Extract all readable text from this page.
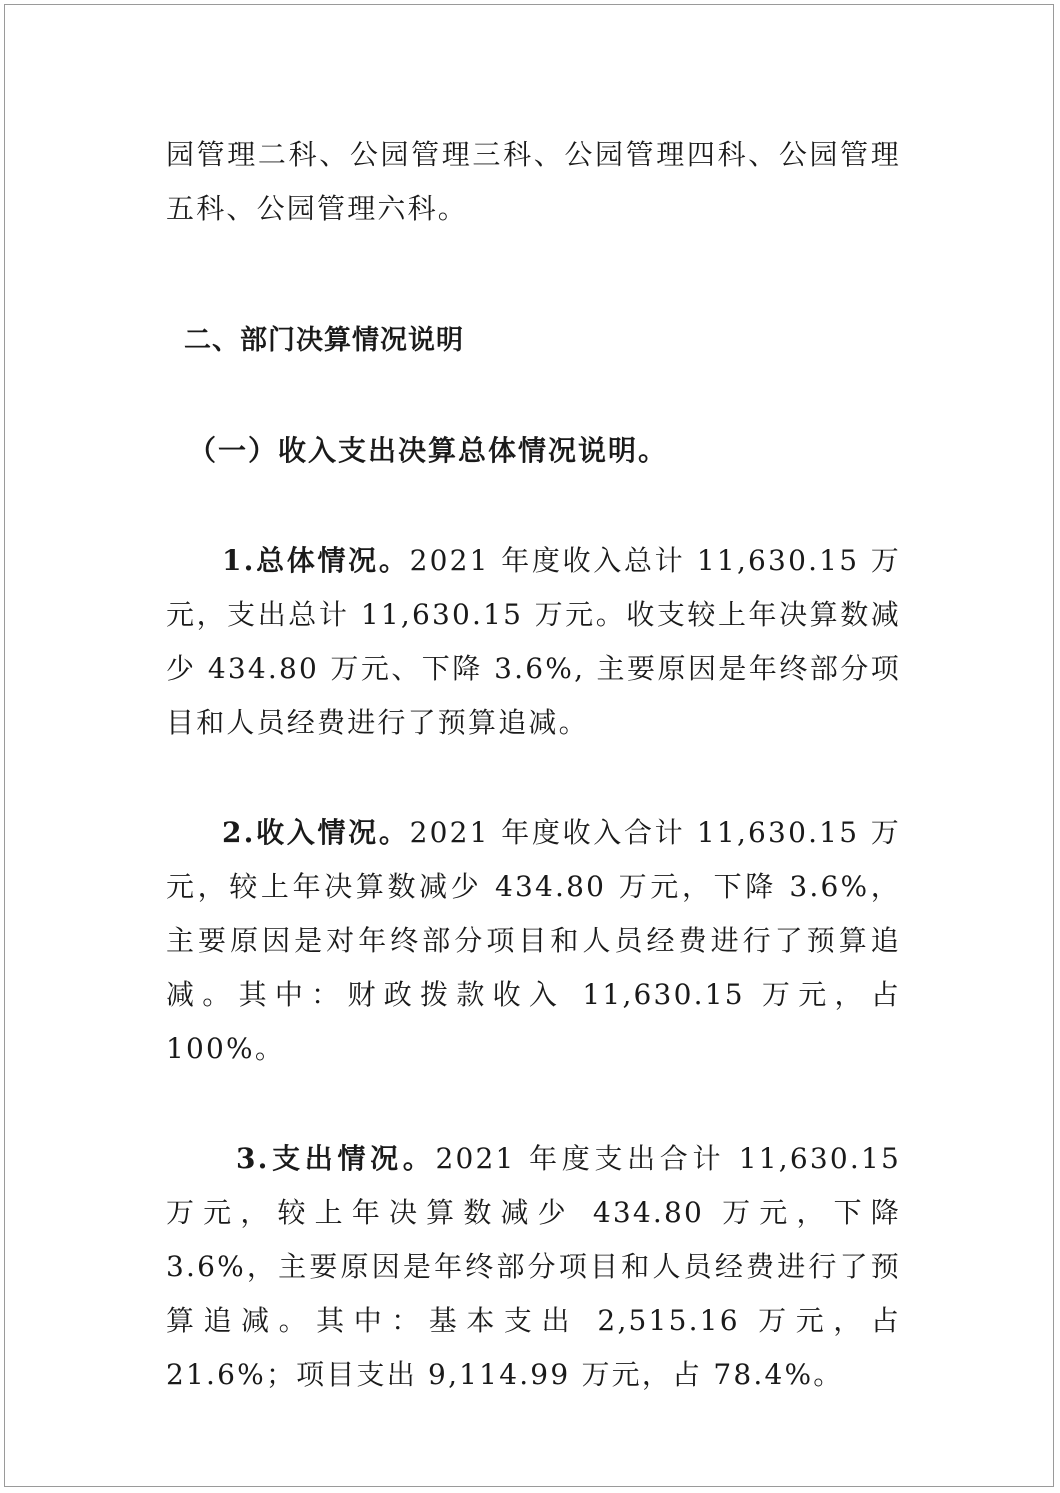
园管理二科、公园管理三科、公园管理四科、公园管理五科、公园管理六科。

二、部门决算情况说明
（一）收入支出决算总体情况说明。

1.总体情况。2021 年度收入总计 11,630.15 万元，支出总计 11,630.15 万元。收支较上年决算数减少 434.80 万元、下降 3.6%, 主要原因是年终部分项目和人员经费进行了预算追减。

2.收入情况。2021 年度收入合计 11,630.15 万元，较上年决算数减少 434.80 万元，下降 3.6%，主要原因是对年终部分项目和人员经费进行了预算追减。其中：财政拨款收入 11,630.15 万元，占 100%。

3.支出情况。2021 年度支出合计 11,630.15 万元，较上年决算数减少 434.80 万元，下降 3.6%，主要原因是年终部分项目和人员经费进行了预算追减。其中：基本支出 2,515.16 万元，占 21.6%；项目支出 9,114.99 万元，占 78.4%。
